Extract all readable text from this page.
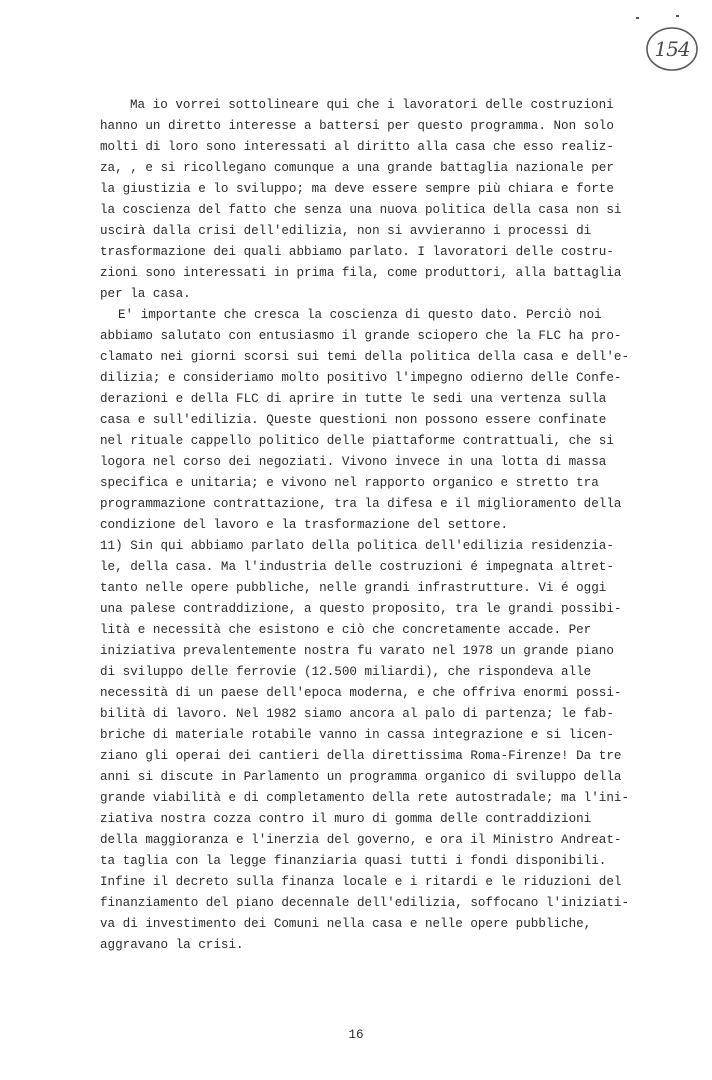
154
Ma io vorrei sottolineare qui che i lavoratori delle costruzioni
hanno un diretto interesse a battersi per questo programma. Non solo
molti di loro sono interessati al diritto alla casa che esso realiz-
za, , e si ricollegano comunque a una grande battaglia nazionale per
la giustizia e lo sviluppo; ma deve essere sempre più chiara e forte
la coscienza del fatto che senza una nuova politica della casa non si
uscirà dalla crisi dell'edilizia, non si avvieranno i processi di
trasformazione dei quali abbiamo parlato. I lavoratori delle costru-
zioni sono interessati in prima fila, come produttori, alla battaglia
per la casa.
E' importante che cresca la coscienza di questo dato. Perciò noi
abbiamo salutato con entusiasmo il grande sciopero che la FLC ha pro-
clamato nei giorni scorsi sui temi della politica della casa e dell'e-
dilizia; e consideriamo molto positivo l'impegno odierno delle Confe-
derazioni e della FLC di aprire in tutte le sedi una vertenza sulla
casa e sull'edilizia. Queste questioni non possono essere confinate
nel rituale cappello politico delle piattaforme contrattuali, che si
logora nel corso dei negoziati. Vivono invece in una lotta di massa
specifica e unitaria; e vivono nel rapporto organico e stretto tra
programmazione contrattazione, tra la difesa e il miglioramento della
condizione del lavoro e la trasformazione del settore.
11) Sin qui abbiamo parlato della politica dell'edilizia residenzia-
le, della casa. Ma l'industria delle costruzioni é impegnata altret-
tanto nelle opere pubbliche, nelle grandi infrastrutture. Vi é oggi
una palese contraddizione, a questo proposito, tra le grandi possibi-
lità e necessità che esistono e ciò che concretamente accade. Per
iniziativa prevalentemente nostra fu varato nel 1978 un grande piano
di sviluppo delle ferrovie (12.500 miliardi), che rispondeva alle
necessità di un paese dell'epoca moderna, e che offriva enormi possi-
bilità di lavoro. Nel 1982 siamo ancora al palo di partenza; le fab-
briche di materiale rotabile vanno in cassa integrazione e si licen-
ziano gli operai dei cantieri della direttissima Roma-Firenze! Da tre
anni si discute in Parlamento un programma organico di sviluppo della
grande viabilità e di completamento della rete autostradale; ma l'ini-
ziativa nostra cozza contro il muro di gomma delle contraddizioni
della maggioranza e l'inerzia del governo, e ora il Ministro Andreat-
ta taglia con la legge finanziaria quasi tutti i fondi disponibili.
Infine il decreto sulla finanza locale e i ritardi e le riduzioni del
finanziamento del piano decennale dell'edilizia, soffocano l'iniziati-
va di investimento dei Comuni nella casa e nelle opere pubbliche,
aggravano la crisi.
16
